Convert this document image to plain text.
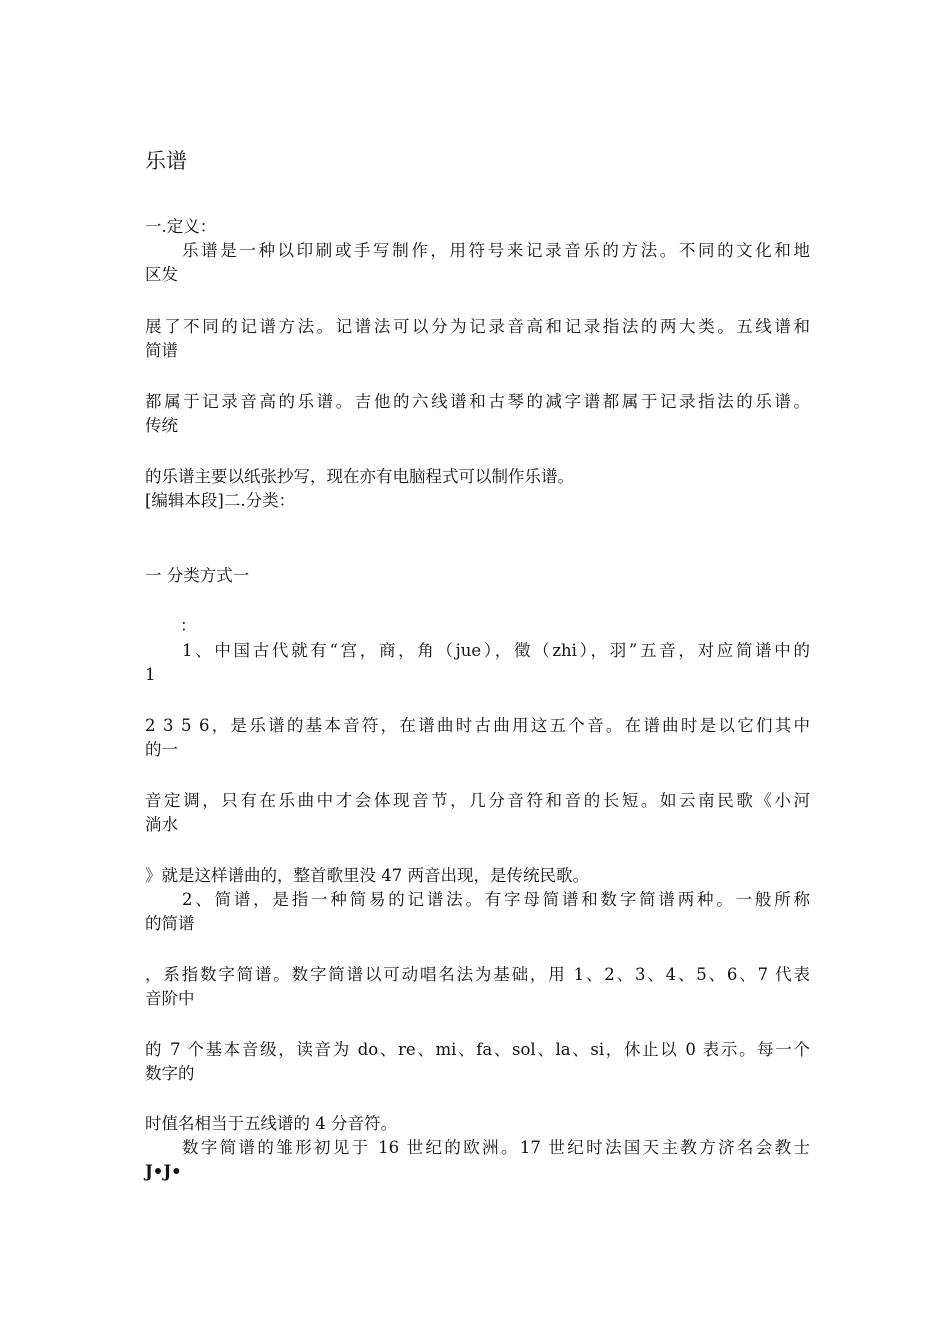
乐谱
一.定义：
乐谱是一种以印刷或手写制作，用符号来记录音乐的方法。不同的文化和地
区发
展了不同的记谱方法。记谱法可以分为记录音高和记录指法的两大类。五线谱和
简谱
都属于记录音高的乐谱。吉他的六线谱和古琴的减字谱都属于记录指法的乐谱。
传统
的乐谱主要以纸张抄写，现在亦有电脑程式可以制作乐谱。
[编辑本段]二.分类：
一 分类方式一
：
1、中国古代就有“宫，商，角（jue），徵（zhi），羽”五音，对应简谱中的
1
2 3 5 6，是乐谱的基本音符，在谱曲时古曲用这五个音。在谱曲时是以它们其中
的一
音定调，只有在乐曲中才会体现音节，几分音符和音的长短。如云南民歌《小河
淌水
》就是这样谱曲的，整首歌里没 47 两音出现，是传统民歌。
2、简谱，是指一种简易的记谱法。有字母简谱和数字简谱两种。一般所称
的简谱
，系指数字简谱。数字简谱以可动唱名法为基础，用 1、2、3、4、5、6、7 代表
音阶中
的 7 个基本音级，读音为 do、re、mi、fa、sol、la、si，休止以 0 表示。每一个
数字的
时值名相当于五线谱的 4 分音符。
数字简谱的雏形初见于 16 世纪的欧洲。17 世纪时法国天主教方济名会教士
J•J•
